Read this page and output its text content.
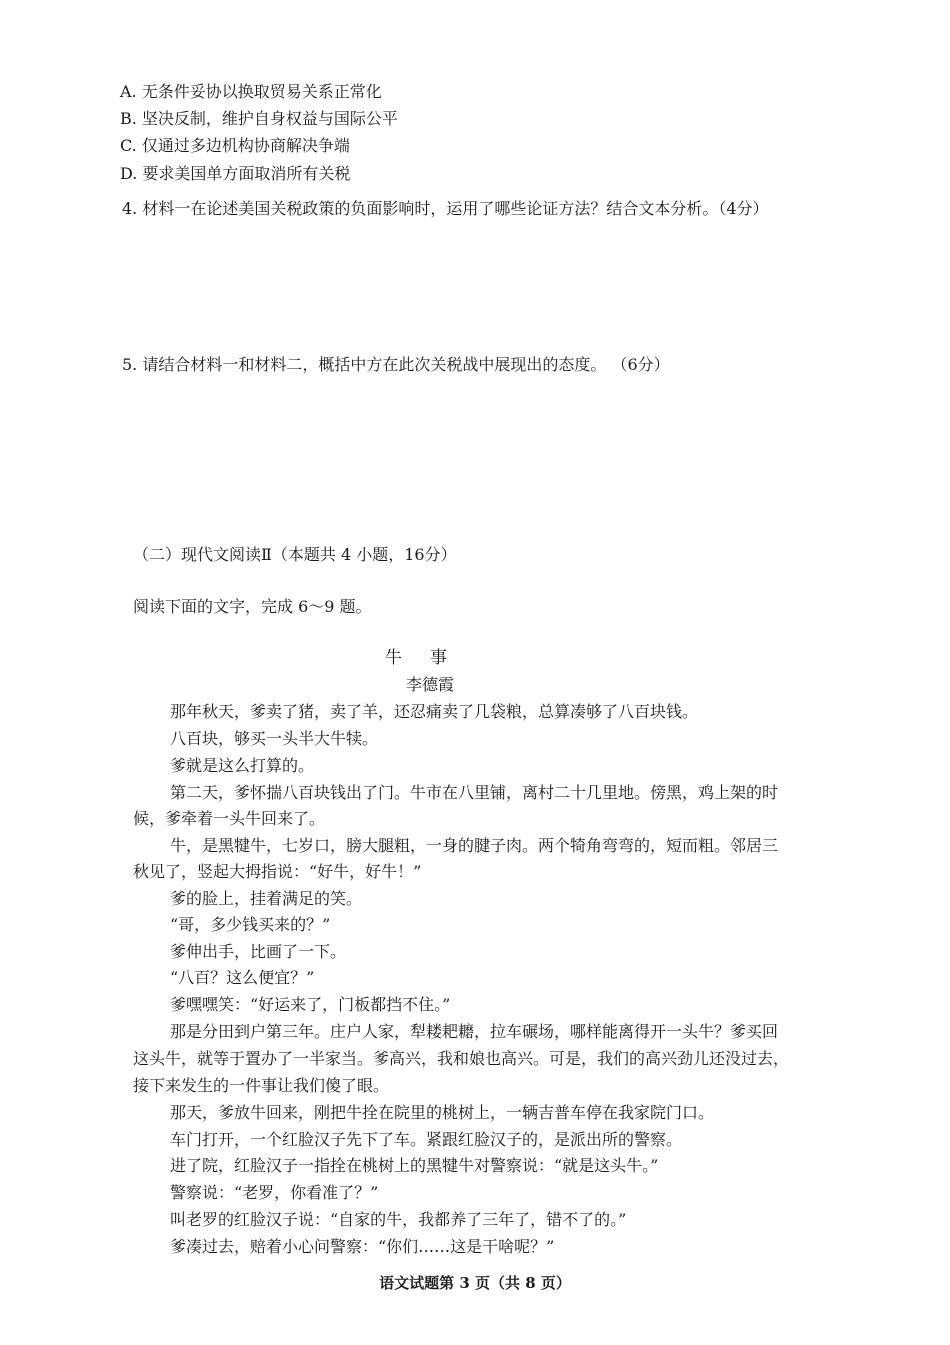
A. 无条件妥协以换取贸易关系正常化
B. 坚决反制，维护自身权益与国际公平
C. 仅通过多边机构协商解决争端
D. 要求美国单方面取消所有关税
4. 材料一在论述美国关税政策的负面影响时，运用了哪些论证方法？结合文本分析。（4分）
5. 请结合材料一和材料二，概括中方在此次关税战中展现出的态度。 （6分）
（二）现代文阅读Ⅱ（本题共 4 小题，16分）
阅读下面的文字，完成 6～9 题。
牛事
李德霞
那年秋天，爹卖了猪，卖了羊，还忍痛卖了几袋粮，总算凑够了八百块钱。
八百块，够买一头半大牛犊。
爹就是这么打算的。
第二天，爹怀揣八百块钱出了门。牛市在八里铺，离村二十几里地。傍黑，鸡上架的时
候，爹牵着一头牛回来了。
牛，是黑犍牛，七岁口，膀大腿粗，一身的腱子肉。两个犄角弯弯的，短而粗。邻居三
秋见了，竖起大拇指说：“好牛，好牛！”
爹的脸上，挂着满足的笑。
“哥，多少钱买来的？”
爹伸出手，比画了一下。
“八百？这么便宜？”
爹嘿嘿笑：“好运来了，门板都挡不住。”
那是分田到户第三年。庄户人家，犁耧耙耱，拉车碾场，哪样能离得开一头牛？爹买回
这头牛，就等于置办了一半家当。爹高兴，我和娘也高兴。可是，我们的高兴劲儿还没过去，
接下来发生的一件事让我们傻了眼。
那天，爹放牛回来，刚把牛拴在院里的桃树上，一辆吉普车停在我家院门口。
车门打开，一个红脸汉子先下了车。紧跟红脸汉子的，是派出所的警察。
进了院，红脸汉子一指拴在桃树上的黑犍牛对警察说：“就是这头牛。”
警察说：“老罗，你看准了？”
叫老罗的红脸汉子说：“自家的牛，我都养了三年了，错不了的。”
爹凑过去，赔着小心问警察：“你们……这是干啥呢？”
语文试题第 3 页（共 8 页）
